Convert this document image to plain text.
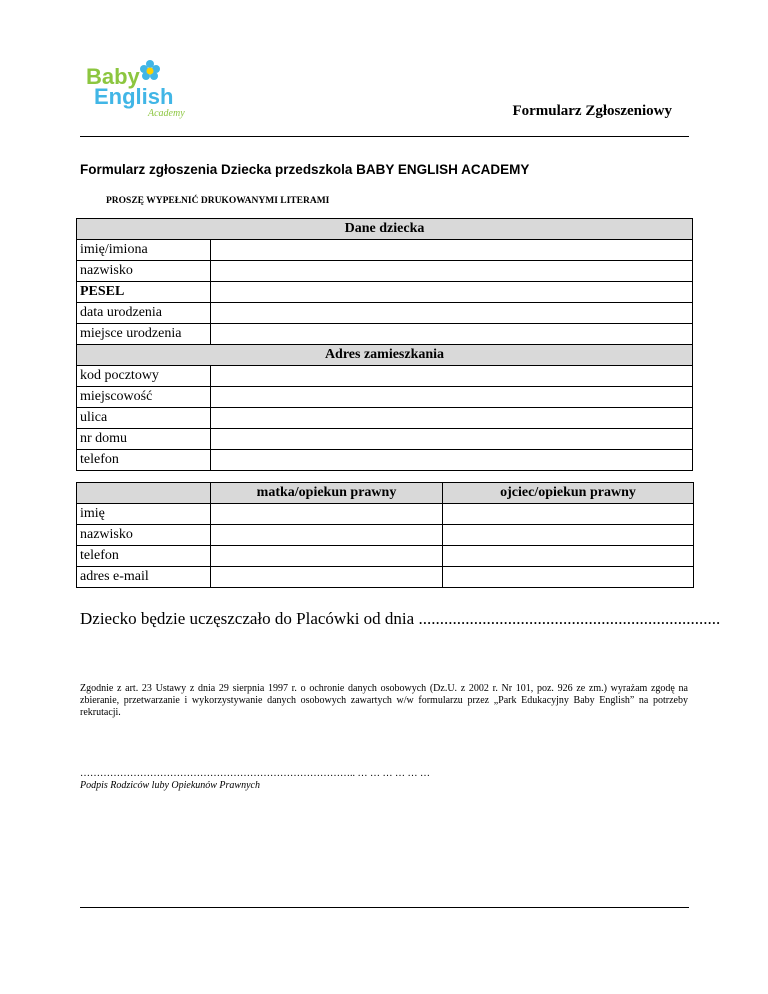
Baby
English
Academy	Formularz Zgłoszeniowy
Formularz zgłoszenia Dziecka przedszkola BABY ENGLISH ACADEMY
PROSZĘ WYPEŁNIĆ DRUKOWANYMI LITERAMI
Dane dziecka	
imię/imiona	
nazwisko	
PESEL	
data urodzenia	
miejsce urodzenia	
Adres zamieszkania	
kod pocztowy	
miejscowość	
ulica	
nr domu	
telefon	
	matka/opiekun prawny	ojciec/opiekun prawny
imię		
nazwisko		
telefon		
adres e-mail		
Dziecko będzie uczęszczało do Placówki od dnia .......................................................................
Zgodnie z art. 23 Ustawy z dnia 29 sierpnia 1997 r. o ochronie danych osobowych (Dz.U. z 2002 r. Nr 101, poz. 926 ze zm.) wyrażam zgodę na zbieranie, przetwarzanie i wykorzystywanie danych osobowych zawartych w/w formularzu przez „Park Edukacyjny Baby English” na potrzeby rekrutacji.
……………………………………………………………………….. … … … … … …
Podpis Rodziców luby Opiekunów Prawnych
